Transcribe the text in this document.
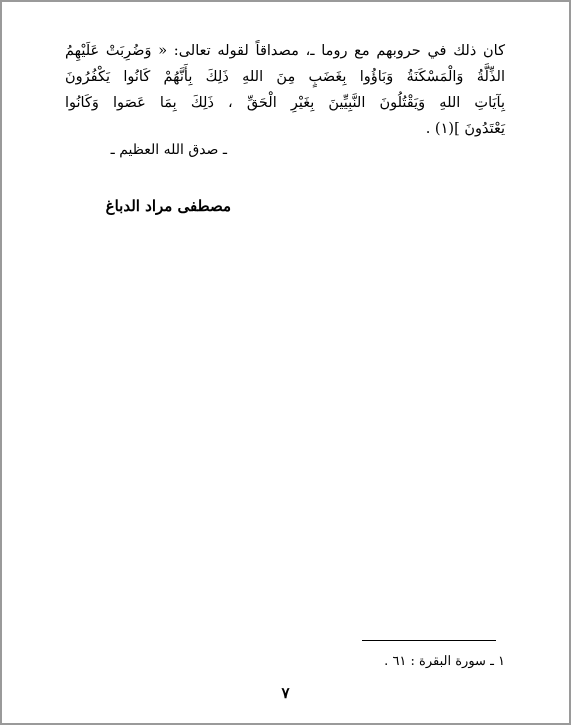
كان ذلك في حروبهم مع روما ـ، مصداقاً لقوله تعالى: « وَضُرِبَتْ عَلَيْهِمُ
الذِّلَّةُ وَالْمَسْكَنَةُ وَبَاؤُوا بِغَضَبٍ مِنَ اللهِ ذَلِكَ بِأَنَّهُمْ كَانُوا يَكْفُرُونَ
بِآيَاتِ اللهِ وَيَقْتُلُونَ النَّبِيِّينَ بِغَيْرِ الْحَقِّ ، ذَلِكَ بِمَا عَصَوا وَكَانُوا
يَعْتَدُونَ ](١) .
ـ صدق الله العظيم ـ
مصطفى مراد الدباغ
١ ـ سورة البقرة : ٦١ .
٧
